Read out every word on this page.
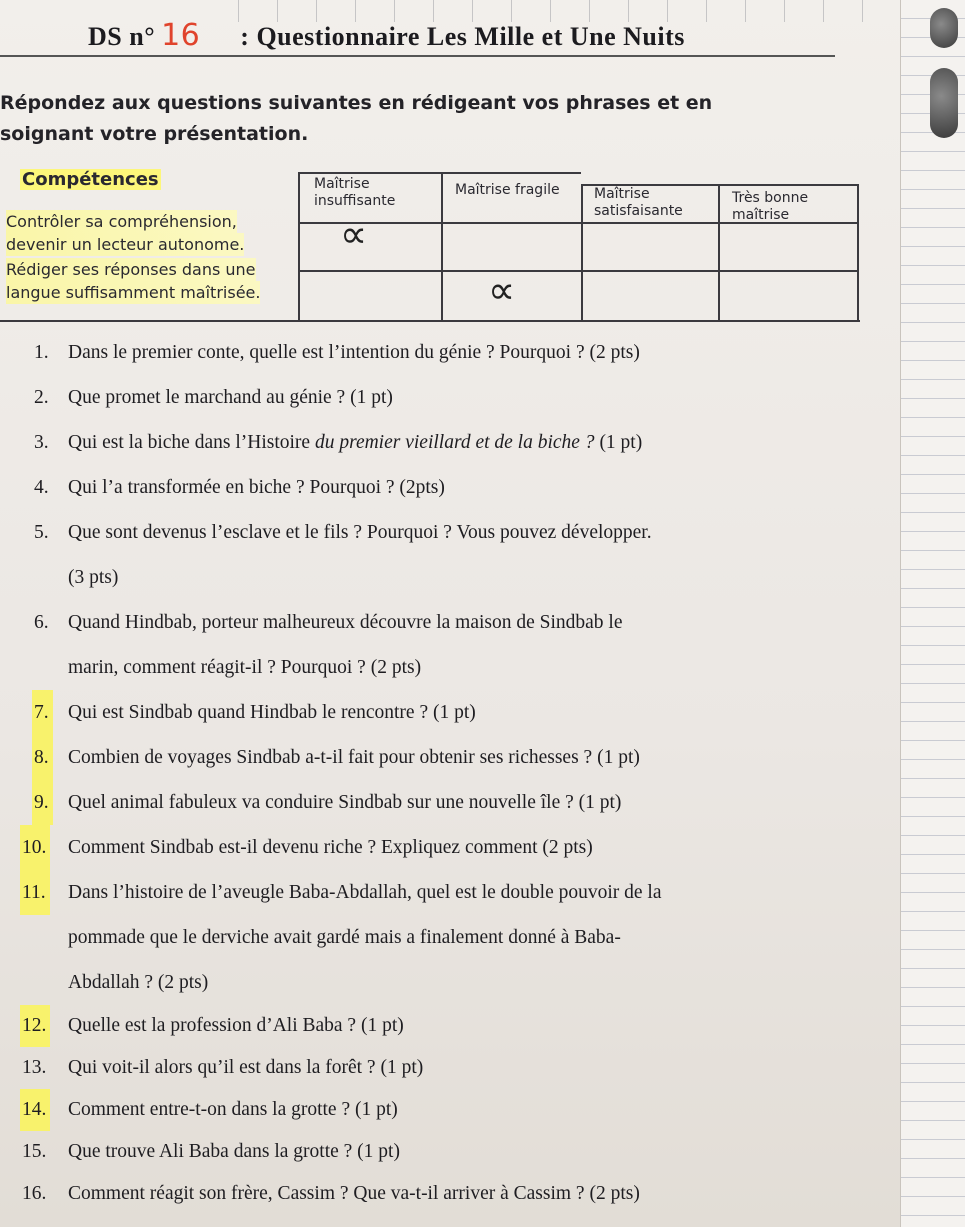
DS n° 16 : Questionnaire Les Mille et Une Nuits
Répondez aux questions suivantes en rédigeant vos phrases et en soignant votre présentation.
Compétences	Maîtrise insuffisante
Maîtrise fragile	Maîtrise satisfaisante
Très bonne maîtrise
Contrôler sa compréhension,
devenir un lecteur autonome.
Rédiger ses réponses dans une
langue suffisamment maîtrisée.
∝
∝
1. Dans le premier conte, quelle est l’intention du génie ? Pourquoi ? (2 pts)
2. Que promet le marchand au génie ? (1 pt)
3. Qui est la biche dans l’Histoire du premier vieillard et de la biche ? (1 pt)
4. Qui l’a transformée en biche ? Pourquoi ? (2pts)
5. Que sont devenus l’esclave et le fils ? Pourquoi ? Vous pouvez développer.
(3 pts)
6. Quand Hindbab, porteur malheureux découvre la maison de Sindbab le
marin, comment réagit-il ? Pourquoi ? (2 pts)
7. Qui est Sindbab quand Hindbab le rencontre ? (1 pt)
8. Combien de voyages Sindbab a-t-il fait pour obtenir ses richesses ? (1 pt)
9. Quel animal fabuleux va conduire Sindbab sur une nouvelle île ? (1 pt)
10. Comment Sindbab est-il devenu riche ? Expliquez comment (2 pts)
11. Dans l’histoire de l’aveugle Baba-Abdallah, quel est le double pouvoir de la
pommade que le derviche avait gardé mais a finalement donné à Baba-
Abdallah ? (2 pts)
12. Quelle est la profession d’Ali Baba ? (1 pt)
13. Qui voit-il alors qu’il est dans la forêt ? (1 pt)
14. Comment entre-t-on dans la grotte ? (1 pt)
15. Que trouve Ali Baba dans la grotte ? (1 pt)
16. Comment réagit son frère, Cassim ? Que va-t-il arriver à Cassim ? (2 pts)
